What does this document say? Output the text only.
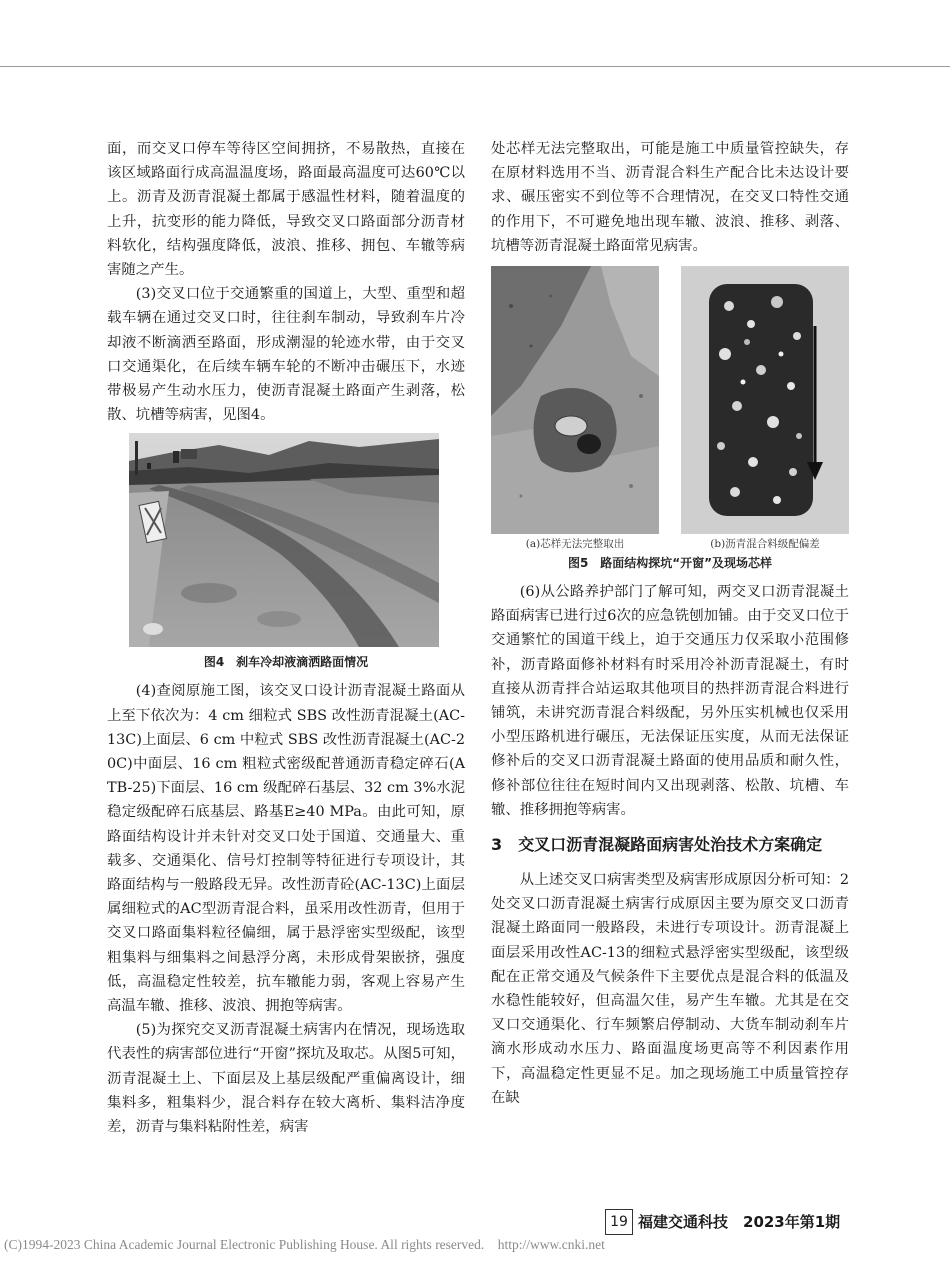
面，而交叉口停车等待区空间拥挤，不易散热，直接在该区域路面行成高温温度场，路面最高温度可达60℃以上。沥青及沥青混凝土都属于感温性材料，随着温度的上升，抗变形的能力降低，导致交叉口路面部分沥青材料软化，结构强度降低，波浪、推移、拥包、车辙等病害随之产生。

(3)交叉口位于交通繁重的国道上，大型、重型和超载车辆在通过交叉口时，往往刹车制动，导致刹车片冷却液不断滴洒至路面，形成潮湿的轮迹水带，由于交叉口交通渠化，在后续车辆车轮的不断冲击碾压下，水迹带极易产生动水压力，使沥青混凝土路面产生剥落，松散、坑槽等病害，见图4。

图4　刹车冷却液滴洒路面情况

(4)查阅原施工图，该交叉口设计沥青混凝土路面从上至下依次为：4 cm 细粒式 SBS 改性沥青混凝土(AC-13C)上面层、6 cm 中粒式 SBS 改性沥青混凝土(AC-20C)中面层、16 cm 粗粒式密级配普通沥青稳定碎石(ATB-25)下面层、16 cm 级配碎石基层、32 cm 3%水泥稳定级配碎石底基层、路基E≥40 MPa。由此可知，原路面结构设计并未针对交叉口处于国道、交通量大、重载多、交通渠化、信号灯控制等特征进行专项设计，其路面结构与一般路段无异。改性沥青砼(AC-13C)上面层属细粒式的AC型沥青混合料，虽采用改性沥青，但用于交叉口路面集料粒径偏细，属于悬浮密实型级配，该型粗集料与细集料之间悬浮分离，未形成骨架嵌挤，强度低，高温稳定性较差，抗车辙能力弱，客观上容易产生高温车辙、推移、波浪、拥抱等病害。

(5)为探究交叉沥青混凝土病害内在情况，现场选取代表性的病害部位进行“开窗”探坑及取芯。从图5可知，沥青混凝土上、下面层及上基层级配严重偏离设计，细集料多，粗集料少，混合料存在较大离析、集料洁净度差，沥青与集料粘附性差，病害

处芯样无法完整取出，可能是施工中质量管控缺失，存在原材料选用不当、沥青混合料生产配合比未达设计要求、碾压密实不到位等不合理情况，在交叉口特性交通的作用下，不可避免地出现车辙、波浪、推移、剥落、坑槽等沥青混凝土路面常见病害。

(a)芯样无法完整取出	(b)沥青混合料级配偏差
图5　路面结构探坑“开窗”及现场芯样

(6)从公路养护部门了解可知，两交叉口沥青混凝土路面病害已进行过6次的应急铣刨加铺。由于交叉口位于交通繁忙的国道干线上，迫于交通压力仅采取小范围修补，沥青路面修补材料有时采用冷补沥青混凝土，有时直接从沥青拌合站运取其他项目的热拌沥青混合料进行铺筑，未讲究沥青混合料级配，另外压实机械也仅采用小型压路机进行碾压，无法保证压实度，从而无法保证修补后的交叉口沥青混凝土路面的使用品质和耐久性，修补部位往往在短时间内又出现剥落、松散、坑槽、车辙、推移拥抱等病害。

3　交叉口沥青混凝路面病害处治技术方案确定

从上述交叉口病害类型及病害形成原因分析可知：2处交叉口沥青混凝土病害行成原因主要为原交叉口沥青混凝土路面同一般路段，未进行专项设计。沥青混凝上面层采用改性AC-13的细粒式悬浮密实型级配，该型级配在正常交通及气候条件下主要优点是混合料的低温及水稳性能较好，但高温欠佳，易产生车辙。尤其是在交叉口交通渠化、行车频繁启停制动、大货车制动刹车片滴水形成动水压力、路面温度场更高等不利因素作用下，高温稳定性更显不足。加之现场施工中质量管控存在缺

19 福建交通科技　2023年第1期
(C)1994-2023 China Academic Journal Electronic Publishing House. All rights reserved.    http://www.cnki.net
